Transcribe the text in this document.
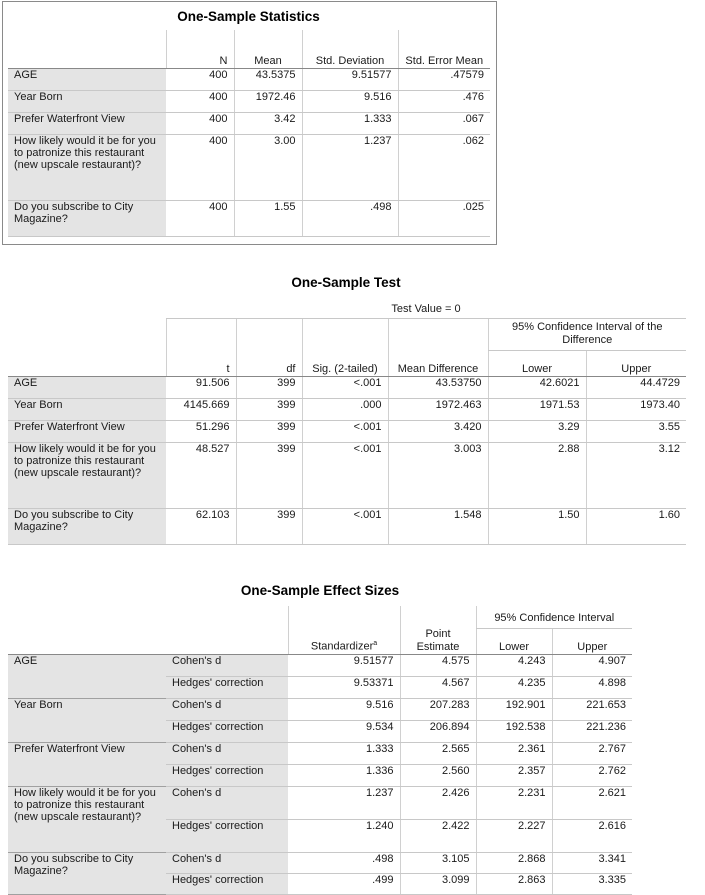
One-Sample Statistics
	N	Mean	Std. Deviation	Std. Error Mean
AGE	400	43.5375	9.51577	.47579
Year Born	400	1972.46	9.516	.476
Prefer Waterfront View	400	3.42	1.333	.067
How likely would it be for you to patronize this restaurant (new upscale restaurant)?	400	3.00	1.237	.062
Do you subscribe to City Magazine?	400	1.55	.498	.025
One-Sample Test
	Test Value = 0					
					95% Confidence Interval of the Difference	
	t	df	Sig. (2-tailed)	Mean Difference	Lower	Upper
AGE	91.506	399	<.001	43.53750	42.6021	44.4729
Year Born	4145.669	399	.000	1972.463	1971.53	1973.40
Prefer Waterfront View	51.296	399	<.001	3.420	3.29	3.55
How likely would it be for you to patronize this restaurant (new upscale restaurant)?	48.527	399	<.001	3.003	2.88	3.12
Do you subscribe to City Magazine?	62.103	399	<.001	1.548	1.50	1.60
One-Sample Effect Sizes
				95% Confidence Interval	
		Standardizer$^a$	Point Estimate	Lower	Upper
AGE	Cohen's d	9.51577	4.575	4.243	4.907
	Hedges' correction	9.53371	4.567	4.235	4.898
Year Born	Cohen's d	9.516	207.283	192.901	221.653
	Hedges' correction	9.534	206.894	192.538	221.236
Prefer Waterfront View	Cohen's d	1.333	2.565	2.361	2.767
	Hedges' correction	1.336	2.560	2.357	2.762
How likely would it be for you to patronize this restaurant (new upscale restaurant)?	Cohen's d	1.237	2.426	2.231	2.621
	Hedges' correction	1.240	2.422	2.227	2.616
Do you subscribe to City Magazine?	Cohen's d	.498	3.105	2.868	3.341
	Hedges' correction	.499	3.099	2.863	3.335
